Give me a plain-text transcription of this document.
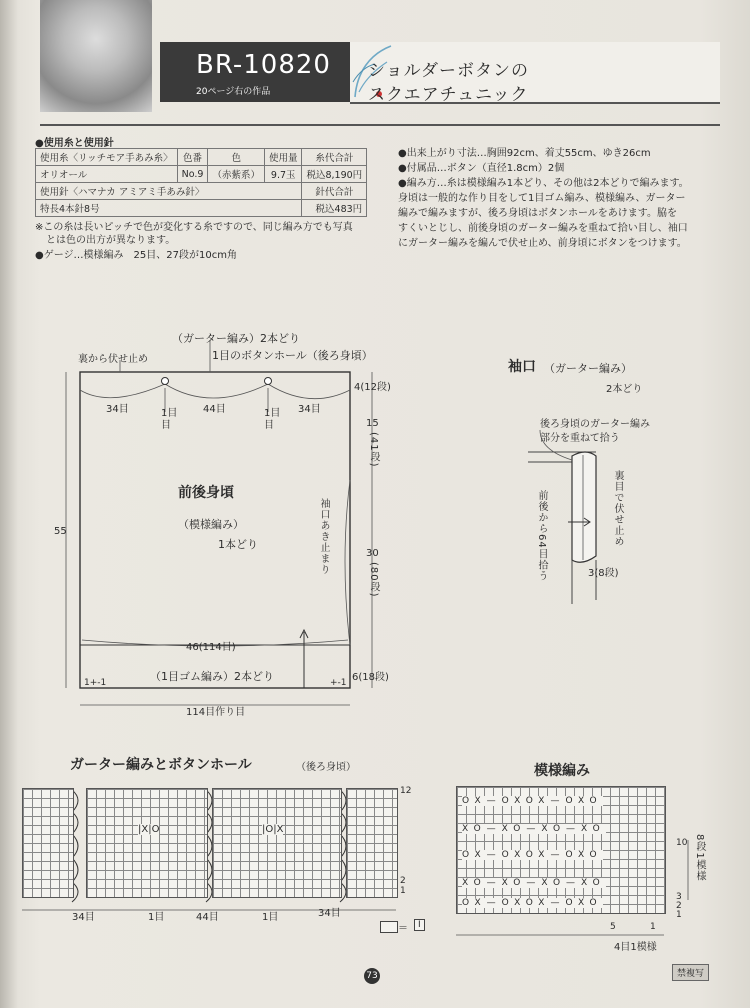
BR-10820
20ページ右の作品
ショルダーボタンの
スクエアチュニック
●使用糸と使用針
使用糸〈リッチモア手あみ糸〉	色番	色	使用量	糸代合計
オリオール	No.9	（赤紫系）	9.7玉	税込8,190円
使用針〈ハマナカ アミアミ手あみ針〉				針代合計
特長4本針8号				税込483円
※この糸は長いピッチで色が変化する糸ですので、同じ編み方でも写真
とは色の出方が異なります。
●ゲージ…模様編み　25目、27段が10cm角
●出来上がり寸法…胸囲92cm、着丈55cm、ゆき26cm
●付属品…ボタン（直径1.8cm）2個
●編み方…糸は模様編み1本どり、その他は2本どりで編みます。
身頃は一般的な作り目をして1目ゴム編み、模様編み、ガーター
編みで編みますが、後ろ身頃はボタンホールをあけます。脇を
すくいとじし、前後身頃のガーター編みを重ねて拾い目し、袖口
にガーター編みを編んで伏せ止め、前身頃にボタンをつけます。
（ガーター編み）2本どり
1目のボタンホール（後ろ身頃）
裏から伏せ止め
34目	1目
目
44目	1目
目
34目
4(12段)
15
(41段)
30
(80段)
6(18段)
袖口あき止まり
前後身頃
（模様編み）
1本どり
55
46(114目)
（1目ゴム編み）2本どり
114目作り目
1+-1	+-1
袖口 （ガーター編み）
2本どり
後ろ身頃のガーター編み
部分を重ねて拾う
前後から64目拾う	裏目で伏せ止め
3(8段)
ガーター編みとボタンホール	（後ろ身頃）
|X|O	|O|X
12
2
1
34目	1目	44目	1目	34目
＝	I
模様編み
OX—OXOX—OXO
XO—XO—XO—XO
OX—OXOX—OXO
XO—XO—XO—XO
OX—OXOX—OXO
10 8段1模様
3
2
1
5	1
4目1模様
73	禁複写
